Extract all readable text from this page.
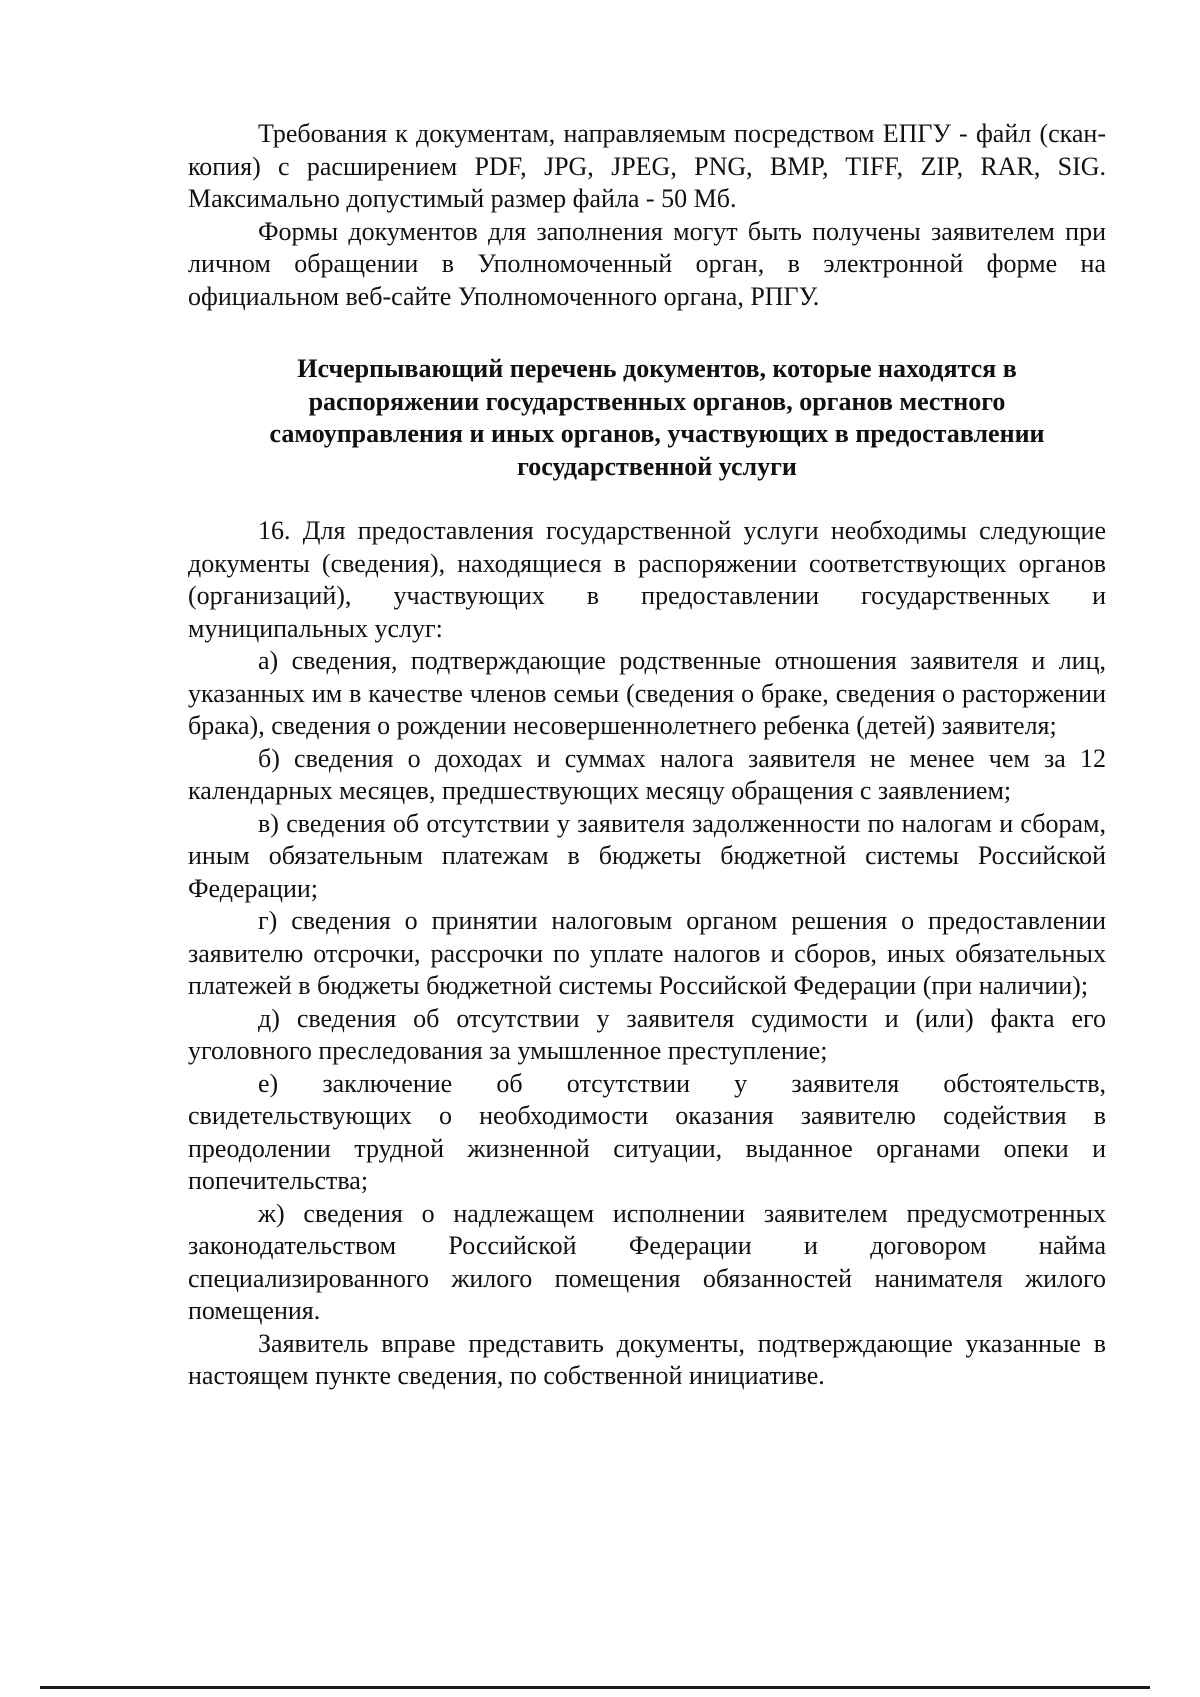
Требования к документам, направляемым посредством ЕПГУ - файл (скан-копия) с расширением PDF, JPG, JPEG, PNG, BMP, TIFF, ZIP, RAR, SIG. Максимально допустимый размер файла - 50 Мб.

Формы документов для заполнения могут быть получены заявителем при личном обращении в Уполномоченный орган, в электронной форме на официальном веб-сайте Уполномоченного органа, РПГУ.

Исчерпывающий перечень документов, которые находятся в
распоряжении государственных органов, органов местного
самоуправления и иных органов, участвующих в предоставлении
государственной услуги

16. Для предоставления государственной услуги необходимы следующие документы (сведения), находящиеся в распоряжении соответствующих органов (организаций), участвующих в предоставлении государственных и муниципальных услуг:

а) сведения, подтверждающие родственные отношения заявителя и лиц, указанных им в качестве членов семьи (сведения о браке, сведения о расторжении брака), сведения о рождении несовершеннолетнего ребенка (детей) заявителя;

б) сведения о доходах и суммах налога заявителя не менее чем за 12 календарных месяцев, предшествующих месяцу обращения с заявлением;

в) сведения об отсутствии у заявителя задолженности по налогам и сборам, иным обязательным платежам в бюджеты бюджетной системы Российской Федерации;

г) сведения о принятии налоговым органом решения о предоставлении заявителю отсрочки, рассрочки по уплате налогов и сборов, иных обязательных платежей в бюджеты бюджетной системы Российской Федерации (при наличии);

д) сведения об отсутствии у заявителя судимости и (или) факта его уголовного преследования за умышленное преступление;

е) заключение об отсутствии у заявителя обстоятельств, свидетельствующих о необходимости оказания заявителю содействия в преодолении трудной жизненной ситуации, выданное органами опеки и попечительства;

ж) сведения о надлежащем исполнении заявителем предусмотренных законодательством Российской Федерации и договором найма специализированного жилого помещения обязанностей нанимателя жилого помещения.

Заявитель вправе представить документы, подтверждающие указанные в настоящем пункте сведения, по собственной инициативе.
